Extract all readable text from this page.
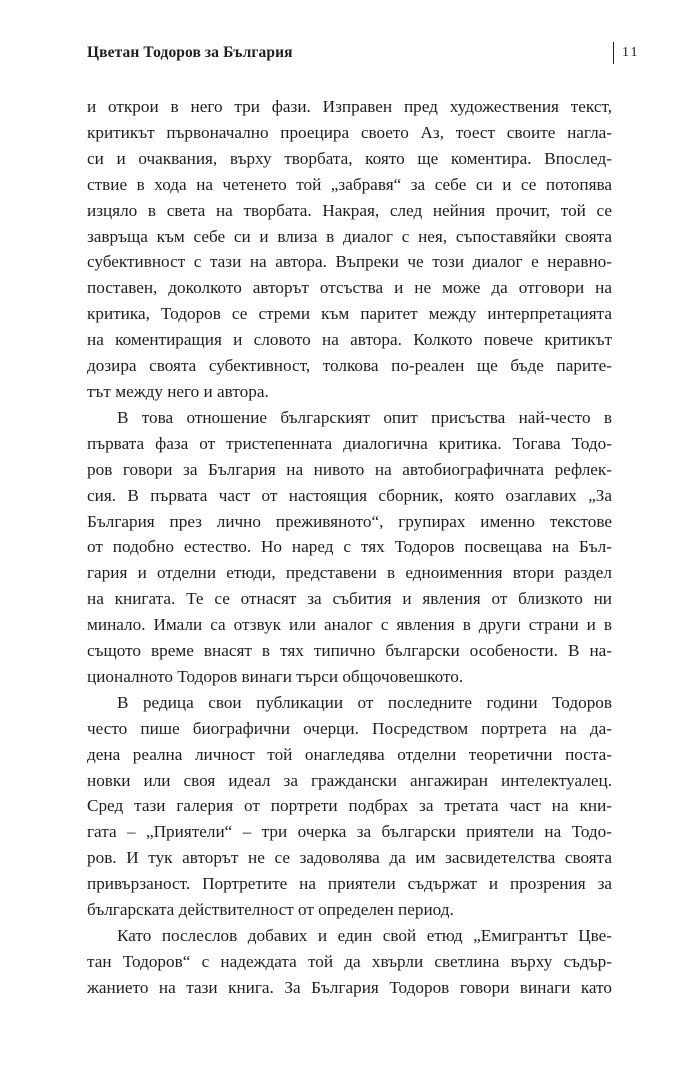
Цветан Тодоров за България	11

и открои в него три фази. Изправен пред художествения текст,
критикът първоначално проецира своето Аз, тоест своите нагла-
си и очаквания, върху творбата, която ще коментира. Впослед-
ствие в хода на четенето той „забравя“ за себе си и се потопява
изцяло в света на творбата. Накрая, след нейния прочит, той се
завръща към себе си и влиза в диалог с нея, съпоставяйки своята
субективност с тази на автора. Въпреки че този диалог е неравно-
поставен, доколкото авторът отсъства и не може да отговори на
критика, Тодоров се стреми към паритет между интерпретацията
на коментиращия и словото на автора. Колкото повече критикът
дозира своята субективност, толкова по-реален ще бъде паритe-
тът между него и автора.

В това отношение българският опит присъства най-често в
първата фаза от тристепенната диалогична критика. Тогава Тодо-
ров говори за България на нивото на автобиографичната рефлек-
сия. В първата част от настоящия сборник, която озаглавих „За
България през лично преживяното“, групирах именно текстове
от подобно естество. Но наред с тях Тодоров посвещава на Бъл-
гария и отделни етюди, представени в едноименния втори раздел
на книгата. Те се отнасят за събития и явления от близкото ни
минало. Имали са отзвук или аналог с явления в други страни и в
същото време внасят в тях типично български особености. В на-
ционалното Тодоров винаги търси общочовешкото.

В редица свои публикации от последните години Тодоров
често пише биографични очерци. Посредством портрета на да-
дена реална личност той онагледява отделни теоретични поста-
новки или своя идеал за граждански ангажиран интелектуалец.
Сред тази галерия от портрети подбрах за третата част на кни-
гата – „Приятели“ – три очерка за български приятели на Тодо-
ров. И тук авторът не се задоволява да им засвидетелства своята
привързаност. Портретите на приятели съдържат и прозрения за
българската действителност от определен период.

Като послеслов добавих и един свой етюд „Емигрантът Цве-
тан Тодоров“ с надеждата той да хвърли светлина върху съдър-
жанието на тази книга. За България Тодоров говори винаги като
